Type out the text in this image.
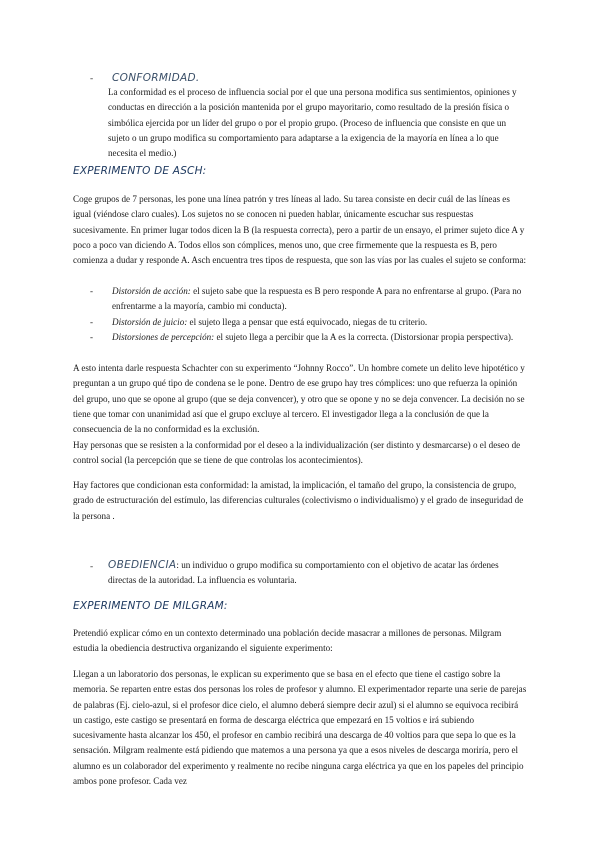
- CONFORMIDAD.

La conformidad es el proceso de influencia social por el que una persona modifica sus sentimientos, opiniones y conductas en dirección a la posición mantenida por el grupo mayoritario, como resultado de la presión física o simbólica ejercida por un líder del grupo o por el propio grupo. (Proceso de influencia que consiste en que un sujeto o un grupo modifica su comportamiento para adaptarse a la exigencia de la mayoría en línea a lo que necesita el medio.)

EXPERIMENTO DE ASCH:

Coge grupos de 7 personas, les pone una línea patrón y tres líneas al lado. Su tarea consiste en decir cuál de las líneas es igual (viéndose claro cuales). Los sujetos no se conocen ni pueden hablar, únicamente escuchar sus respuestas sucesivamente. En primer lugar todos dicen la B (la respuesta correcta), pero a partir de un ensayo, el primer sujeto dice A y poco a poco van diciendo A. Todos ellos son cómplices, menos uno, que cree firmemente que la respuesta es B, pero comienza a dudar y responde A. Asch encuentra tres tipos de respuesta, que son las vías por las cuales el sujeto se conforma:

- Distorsión de acción: el sujeto sabe que la respuesta es B pero responde A para no enfrentarse al grupo. (Para no enfrentarme a la mayoría, cambio mi conducta).
- Distorsión de juicio: el sujeto llega a pensar que está equivocado, niegas de tu criterio.
- Distorsiones de percepción: el sujeto llega a percibir que la A es la correcta. (Distorsionar propia perspectiva).

A esto intenta darle respuesta Schachter con su experimento “Johnny Rocco”. Un hombre comete un delito leve hipotético y preguntan a un grupo qué tipo de condena se le pone. Dentro de ese grupo hay tres cómplices: uno que refuerza la opinión del grupo, uno que se opone al grupo (que se deja convencer), y otro que se opone y no se deja convencer. La decisión no se tiene que tomar con unanimidad así que el grupo excluye al tercero. El investigador llega a la conclusión de que la consecuencia de la no conformidad es la exclusión.

Hay personas que se resisten a la conformidad por el deseo a la individualización (ser distinto y desmarcarse) o el deseo de control social (la percepción que se tiene de que controlas los acontecimientos).

Hay factores que condicionan esta conformidad: la amistad, la implicación, el tamaño del grupo, la consistencia de grupo, grado de estructuración del estímulo, las diferencias culturales (colectivismo o individualismo) y el grado de inseguridad de la persona .

- OBEDIENCIA: un individuo o grupo modifica su comportamiento con el objetivo de acatar las órdenes directas de la autoridad. La influencia es voluntaria.

EXPERIMENTO DE MILGRAM:

Pretendió explicar cómo en un contexto determinado una población decide masacrar a millones de personas. Milgram estudia la obediencia destructiva organizando el siguiente experimento:

Llegan a un laboratorio dos personas, le explican su experimento que se basa en el efecto que tiene el castigo sobre la memoria. Se reparten entre estas dos personas los roles de profesor y alumno. El experimentador reparte una serie de parejas de palabras (Ej. cielo-azul, si el profesor dice cielo, el alumno deberá siempre decir azul) si el alumno se equivoca recibirá un castigo, este castigo se presentará en forma de descarga eléctrica que empezará en 15 voltios e irá subiendo sucesivamente hasta alcanzar los 450, el profesor en cambio recibirá una descarga de 40 voltios para que sepa lo que es la sensación. Milgram realmente está pidiendo que matemos a una persona ya que a esos niveles de descarga moriría, pero el alumno es un colaborador del experimento y realmente no recibe ninguna carga eléctrica ya que en los papeles del principio ambos pone profesor. Cada vez
